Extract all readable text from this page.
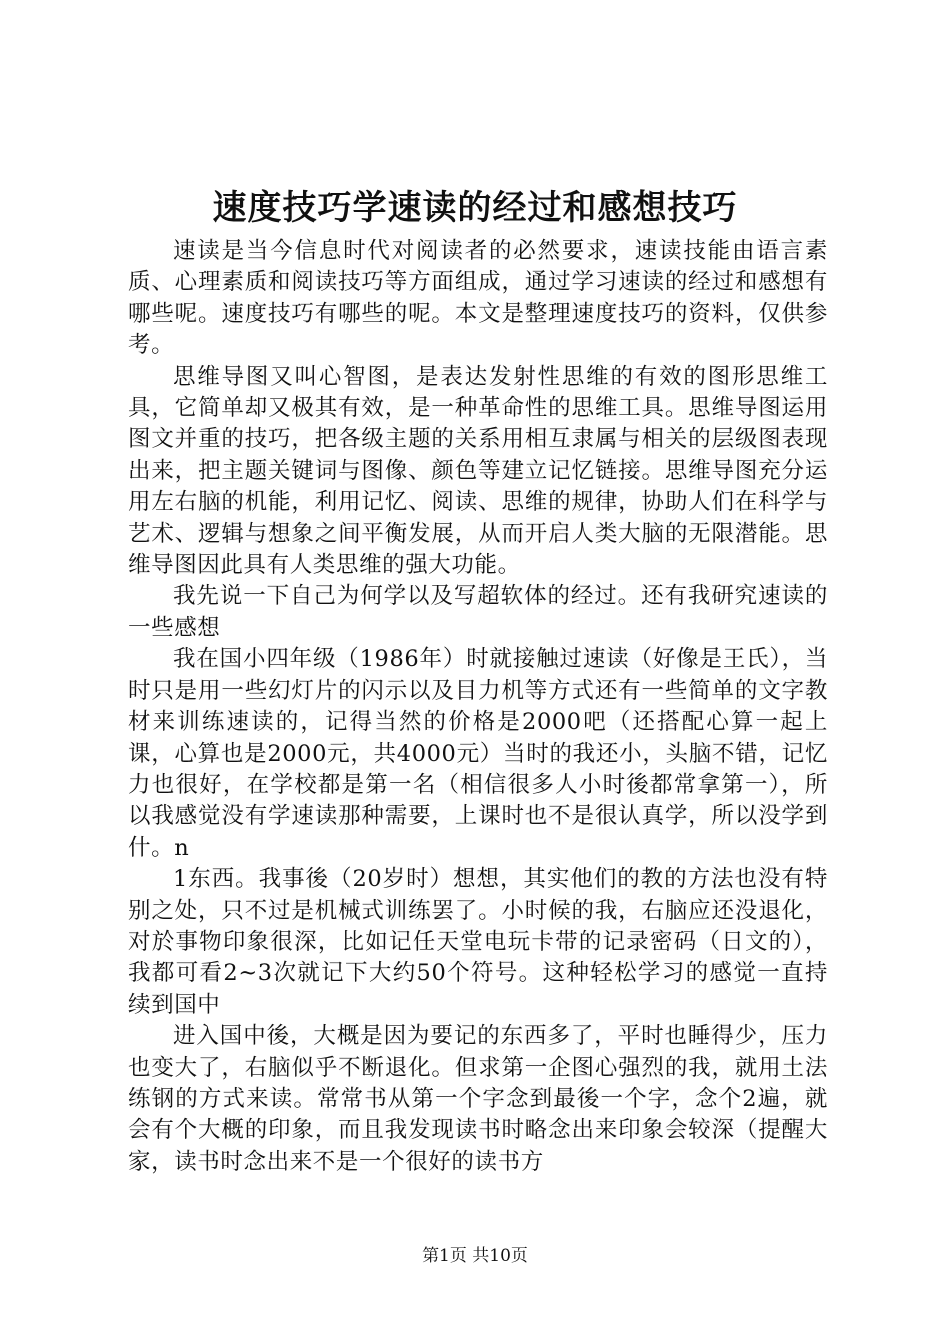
速度技巧学速读的经过和感想技巧

速读是当今信息时代对阅读者的必然要求，速读技能由语言素质、心理素质和阅读技巧等方面组成，通过学习速读的经过和感想有哪些呢。速度技巧有哪些的呢。本文是整理速度技巧的资料，仅供参考。

思维导图又叫心智图，是表达发射性思维的有效的图形思维工具，它简单却又极其有效，是一种革命性的思维工具。思维导图运用图文并重的技巧，把各级主题的关系用相互隶属与相关的层级图表现出来，把主题关键词与图像、颜色等建立记忆链接。思维导图充分运用左右脑的机能，利用记忆、阅读、思维的规律，协助人们在科学与艺术、逻辑与想象之间平衡发展，从而开启人类大脑的无限潜能。思维导图因此具有人类思维的强大功能。

我先说一下自己为何学以及写超软体的经过。还有我研究速读的一些感想

我在国小四年级（1986年）时就接触过速读（好像是王氏），当时只是用一些幻灯片的闪示以及目力机等方式还有一些简单的文字教材来训练速读的，记得当然的价格是2000吧（还搭配心算一起上课，心算也是2000元，共4000元）当时的我还小，头脑不错，记忆力也很好，在学校都是第一名（相信很多人小时後都常拿第一），所以我感觉没有学速读那种需要，上课时也不是很认真学，所以没学到什。n

1东西。我事後（20岁时）想想，其实他们的教的方法也没有特别之处，只不过是机械式训练罢了。小时候的我，右脑应还没退化，对於事物印象很深，比如记任天堂电玩卡带的记录密码（日文的），我都可看2~3次就记下大约50个符号。这种轻松学习的感觉一直持续到国中

进入国中後，大概是因为要记的东西多了，平时也睡得少，压力也变大了，右脑似乎不断退化。但求第一企图心强烈的我，就用土法练钢的方式来读。常常书从第一个字念到最後一个字，念个2遍，就会有个大概的印象，而且我发现读书时略念出来印象会较深（提醒大家，读书时念出来不是一个很好的读书方

第1页 共10页
